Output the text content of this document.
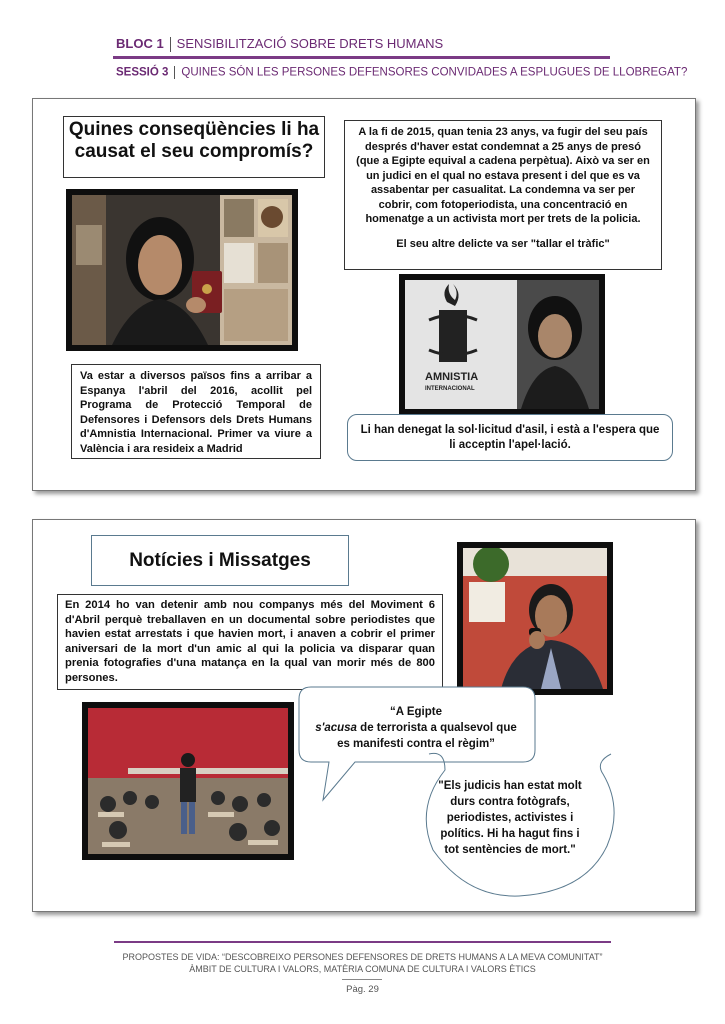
BLOC 1 SENSIBILITZACIÓ SOBRE DRETS HUMANS
SESSIÓ 3 QUINES SÓN LES PERSONES DEFENSORES CONVIDADES A ESPLUGUES DE LLOBREGAT?
Quines conseqüències li ha causat el seu compromís?
Va estar a diversos països fins a arribar a Espanya l'abril del 2016, acollit pel Programa de Protecció Temporal de Defensores i Defensors dels Drets Humans d'Amnistia Internacional. Primer va viure a València i ara resideix a Madrid
A la fi de 2015, quan tenia 23 anys, va fugir del seu país després d'haver estat condemnat a 25 anys de presó (que a Egipte equival a cadena perpètua). Això va ser en un judici en el qual no estava present i del que es va assabentar per casualitat. La condemna va ser per cobrir, com fotoperiodista, una concentració en homenatge a un activista mort per trets de la policia.
El seu altre delicte va ser "tallar el tràfic"
AMNISTIA
INTERNACIONAL
Li han denegat la sol·licitud d'asil, i està a l'espera que li acceptin l'apel·lació.
Notícies i Missatges
En 2014 ho van detenir amb nou companys més del Moviment 6 d'Abril perquè treballaven en un documental sobre periodistes que havien estat arrestats i que havien mort, i anaven a cobrir el primer aniversari de la mort d'un amic al qui la policia va disparar quan prenia fotografies d'una matança en la qual van morir més de 800 persones.
“A Egipte
s'acusa de terrorista a qualsevol que es manifesti contra el règim”
"Els judicis han estat molt durs contra fotògrafs, periodistes, activistes i polítics. Hi ha hagut fins i tot sentències de mort."
PROPOSTES DE VIDA: “DESCOBREIXO PERSONES DEFENSORES DE DRETS HUMANS A LA MEVA COMUNITAT”
ÀMBIT DE CULTURA I VALORS, MATÈRIA COMUNA DE CULTURA I VALORS ÈTICS
Pàg. 29
